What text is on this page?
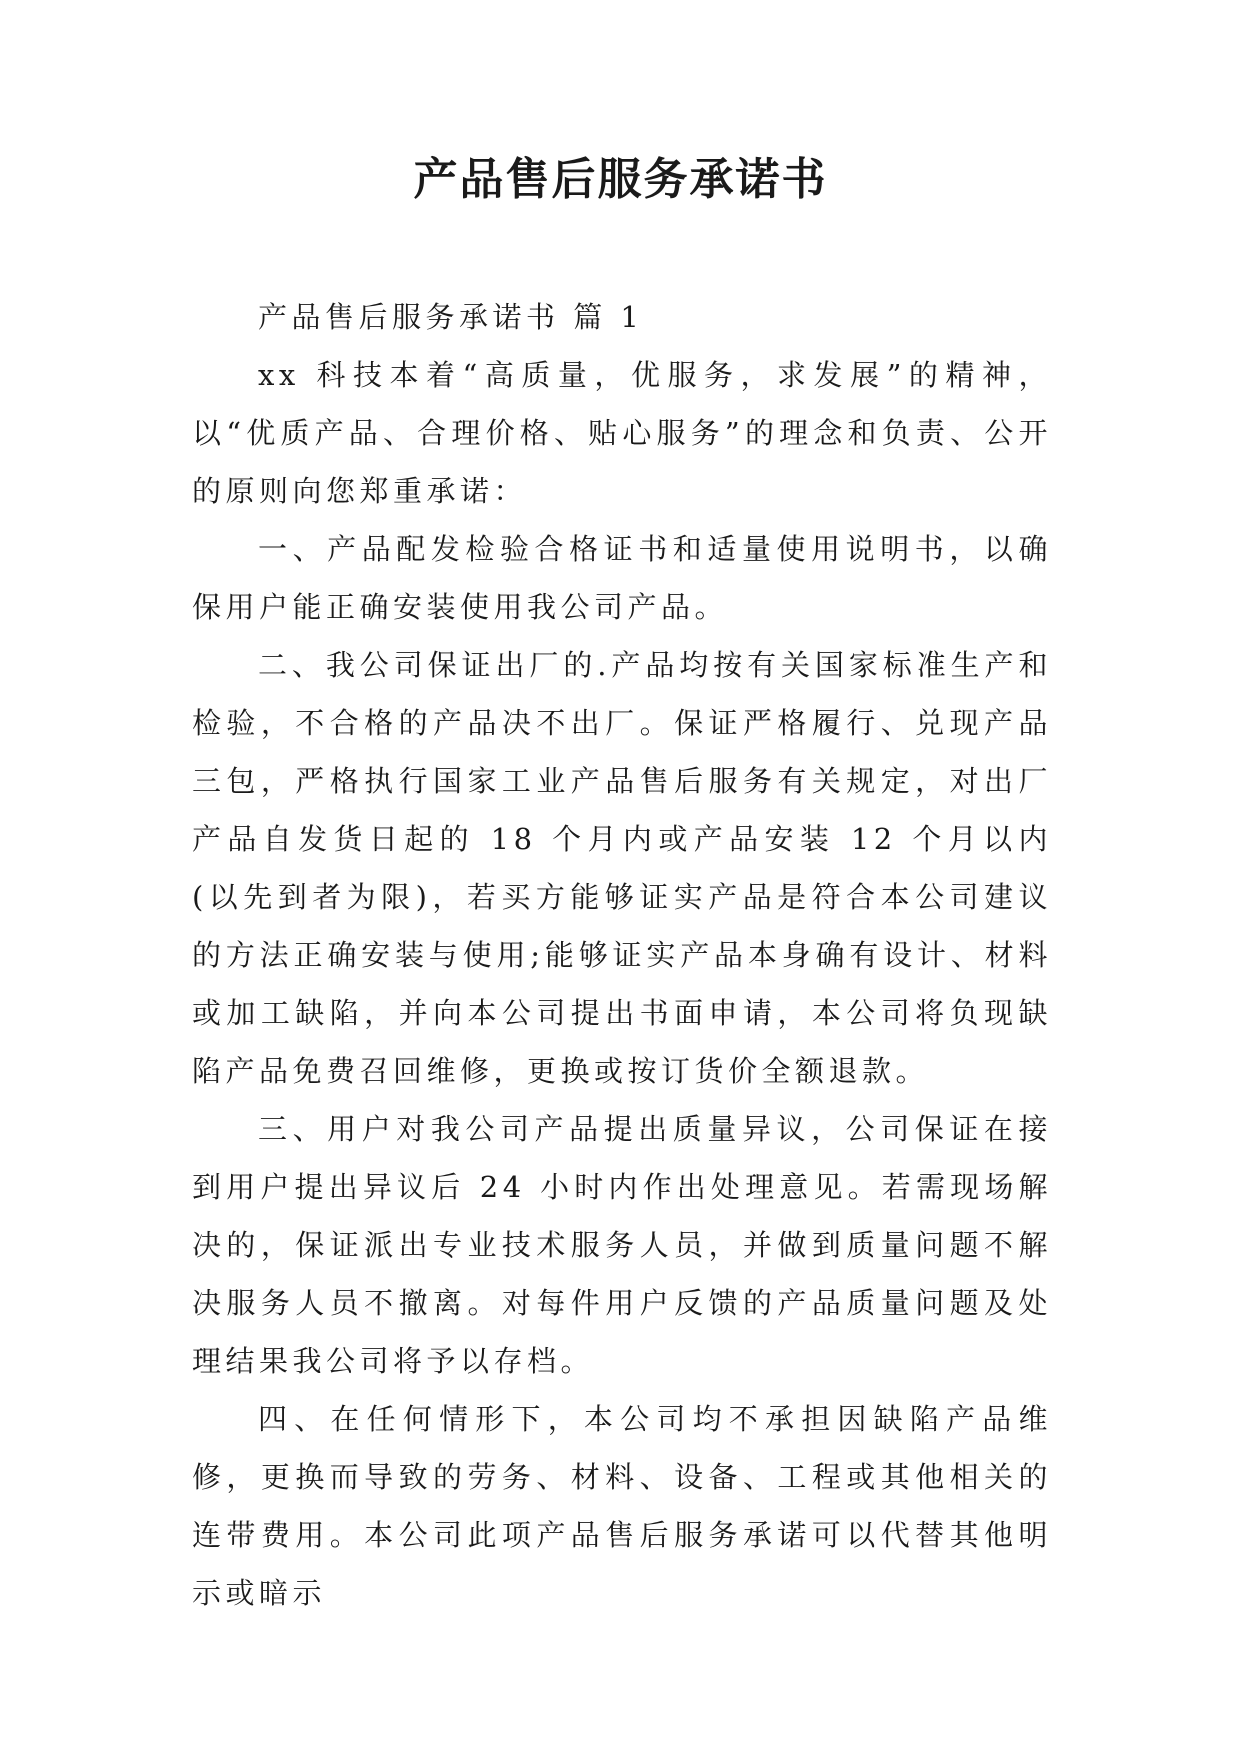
产品售后服务承诺书

产品售后服务承诺书 篇 1

xx 科技本着“高质量，优服务，求发展”的精神，以“优质产品、合理价格、贴心服务”的理念和负责、公开的原则向您郑重承诺：

一、产品配发检验合格证书和适量使用说明书，以确保用户能正确安装使用我公司产品。

二、我公司保证出厂的.产品均按有关国家标准生产和检验，不合格的产品决不出厂。保证严格履行、兑现产品三包，严格执行国家工业产品售后服务有关规定，对出厂产品自发货日起的 18 个月内或产品安装 12 个月以内(以先到者为限)，若买方能够证实产品是符合本公司建议的方法正确安装与使用;能够证实产品本身确有设计、材料或加工缺陷，并向本公司提出书面申请，本公司将负现缺陷产品免费召回维修，更换或按订货价全额退款。

三、用户对我公司产品提出质量异议，公司保证在接到用户提出异议后 24 小时内作出处理意见。若需现场解决的，保证派出专业技术服务人员，并做到质量问题不解决服务人员不撤离。对每件用户反馈的产品质量问题及处理结果我公司将予以存档。

四、在任何情形下，本公司均不承担因缺陷产品维修，更换而导致的劳务、材料、设备、工程或其他相关的连带费用。本公司此项产品售后服务承诺可以代替其他明示或暗示
